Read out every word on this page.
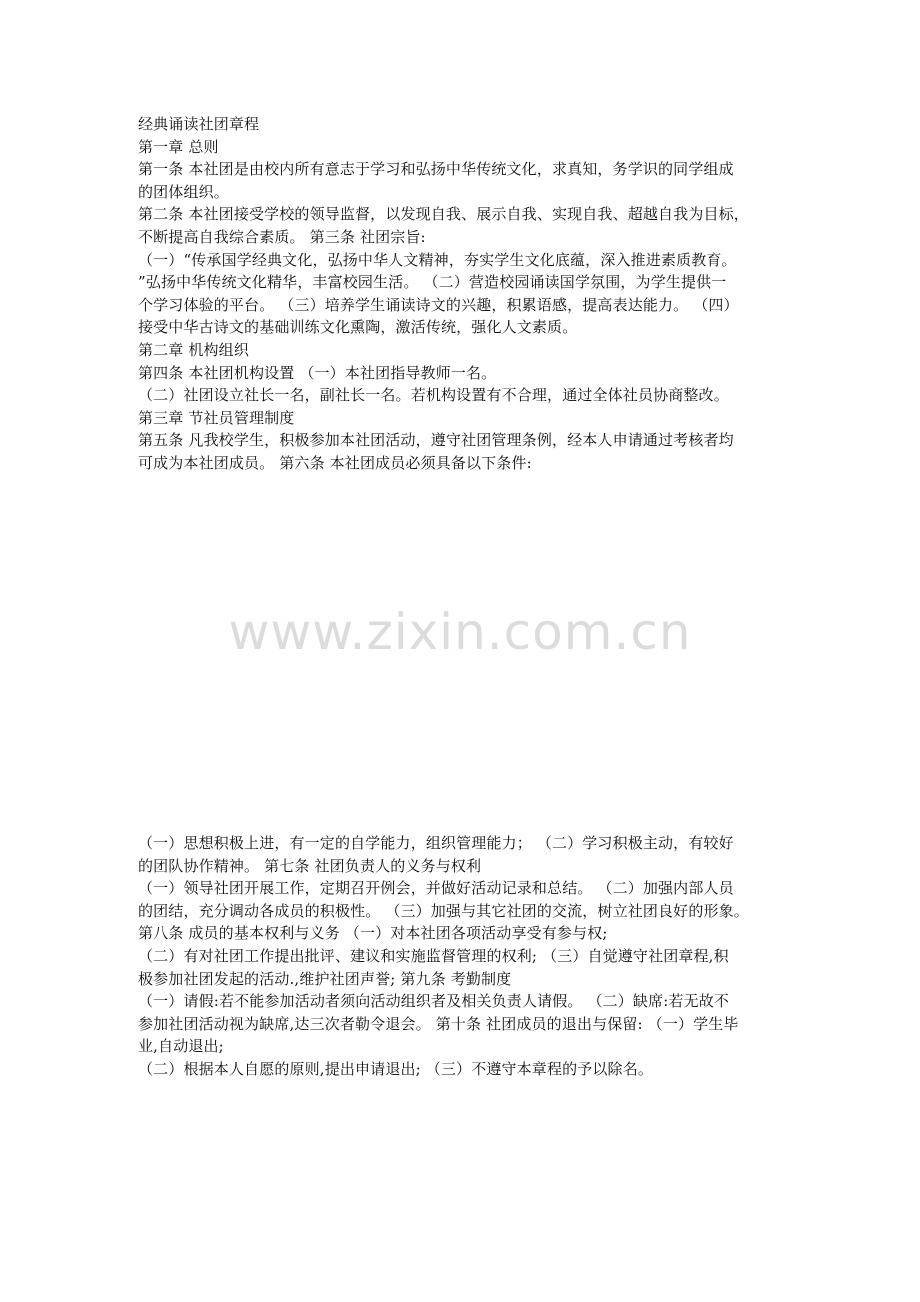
经典诵读社团章程
第一章 总则
第一条 本社团是由校内所有意志于学习和弘扬中华传统文化，求真知，务学识的同学组成
的团体组织。
第二条 本社团接受学校的领导监督，以发现自我、展示自我、实现自我、超越自我为目标，
不断提高自我综合素质。 第三条 社团宗旨:
（一）“传承国学经典文化，弘扬中华人文精神，夯实学生文化底蕴，深入推进素质教育。
”弘扬中华传统文化精华，丰富校园生活。 （二）营造校园诵读国学氛围，为学生提供一
个学习体验的平台。 （三）培养学生诵读诗文的兴趣，积累语感，提高表达能力。 （四）
接受中华古诗文的基础训练文化熏陶，激活传统，强化人文素质。
第二章 机构组织
第四条 本社团机构设置 （一）本社团指导教师一名。
（二）社团设立社长一名，副社长一名。若机构设置有不合理，通过全体社员协商整改。
第三章 节社员管理制度
第五条 凡我校学生，积极参加本社团活动，遵守社团管理条例，经本人申请通过考核者均
可成为本社团成员。 第六条 本社团成员必须具备以下条件:
www.zixin.com.cn
（一）思想积极上进，有一定的自学能力，组织管理能力； （二）学习积极主动，有较好
的团队协作精神。 第七条 社团负责人的义务与权利
（一）领导社团开展工作，定期召开例会，并做好活动记录和总结。 （二）加强内部人员
的团结，充分调动各成员的积极性。 （三）加强与其它社团的交流，树立社团良好的形象。
第八条 成员的基本权利与义务 （一）对本社团各项活动享受有参与权;
（二）有对社团工作提出批评、建议和实施监督管理的权利; （三）自觉遵守社团章程,积
极参加社团发起的活动.,维护社团声誉; 第九条 考勤制度
（一）请假:若不能参加活动者须向活动组织者及相关负责人请假。 （二）缺席:若无故不
参加社团活动视为缺席,达三次者勒令退会。 第十条 社团成员的退出与保留: （一）学生毕
业,自动退出;
（二）根据本人自愿的原则,提出申请退出; （三）不遵守本章程的予以除名。
